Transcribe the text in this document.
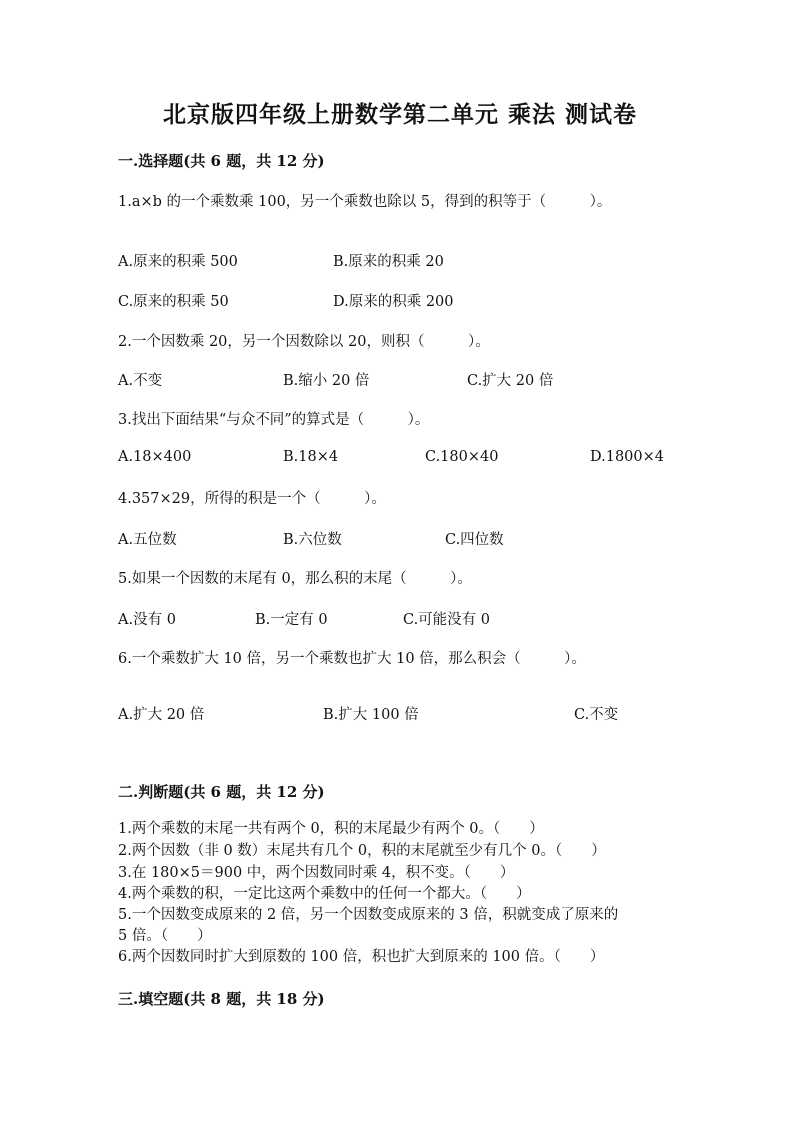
北京版四年级上册数学第二单元 乘法 测试卷
一.选择题(共 6 题，共 12 分)
1.a×b 的一个乘数乘 100，另一个乘数也除以 5，得到的积等于（　　　）。
A.原来的积乘 500	B.原来的积乘 20
C.原来的积乘 50	D.原来的积乘 200
2.一个因数乘 20，另一个因数除以 20，则积（　　　）。
A.不变	B.缩小 20 倍	C.扩大 20 倍
3.找出下面结果“与众不同”的算式是（　　　）。
A.18×400	B.18×4	C.180×40	D.1800×4
4.357×29，所得的积是一个（　　　）。
A.五位数	B.六位数	C.四位数
5.如果一个因数的末尾有 0，那么积的末尾（　　　）。
A.没有 0	B.一定有 0	C.可能没有 0
6.一个乘数扩大 10 倍，另一个乘数也扩大 10 倍，那么积会（　　　）。
A.扩大 20 倍	B.扩大 100 倍	C.不变
二.判断题(共 6 题，共 12 分)
1.两个乘数的末尾一共有两个 0，积的末尾最少有两个 0。（　　）
2.两个因数（非 0 数）末尾共有几个 0，积的末尾就至少有几个 0。（　　）
3.在 180×5＝900 中，两个因数同时乘 4，积不变。（　　）
4.两个乘数的积，一定比这两个乘数中的任何一个都大。（　　）
5.一个因数变成原来的 2 倍，另一个因数变成原来的 3 倍，积就变成了原来的
5 倍。（　　）
6.两个因数同时扩大到原数的 100 倍，积也扩大到原来的 100 倍。（　　）
三.填空题(共 8 题，共 18 分)
